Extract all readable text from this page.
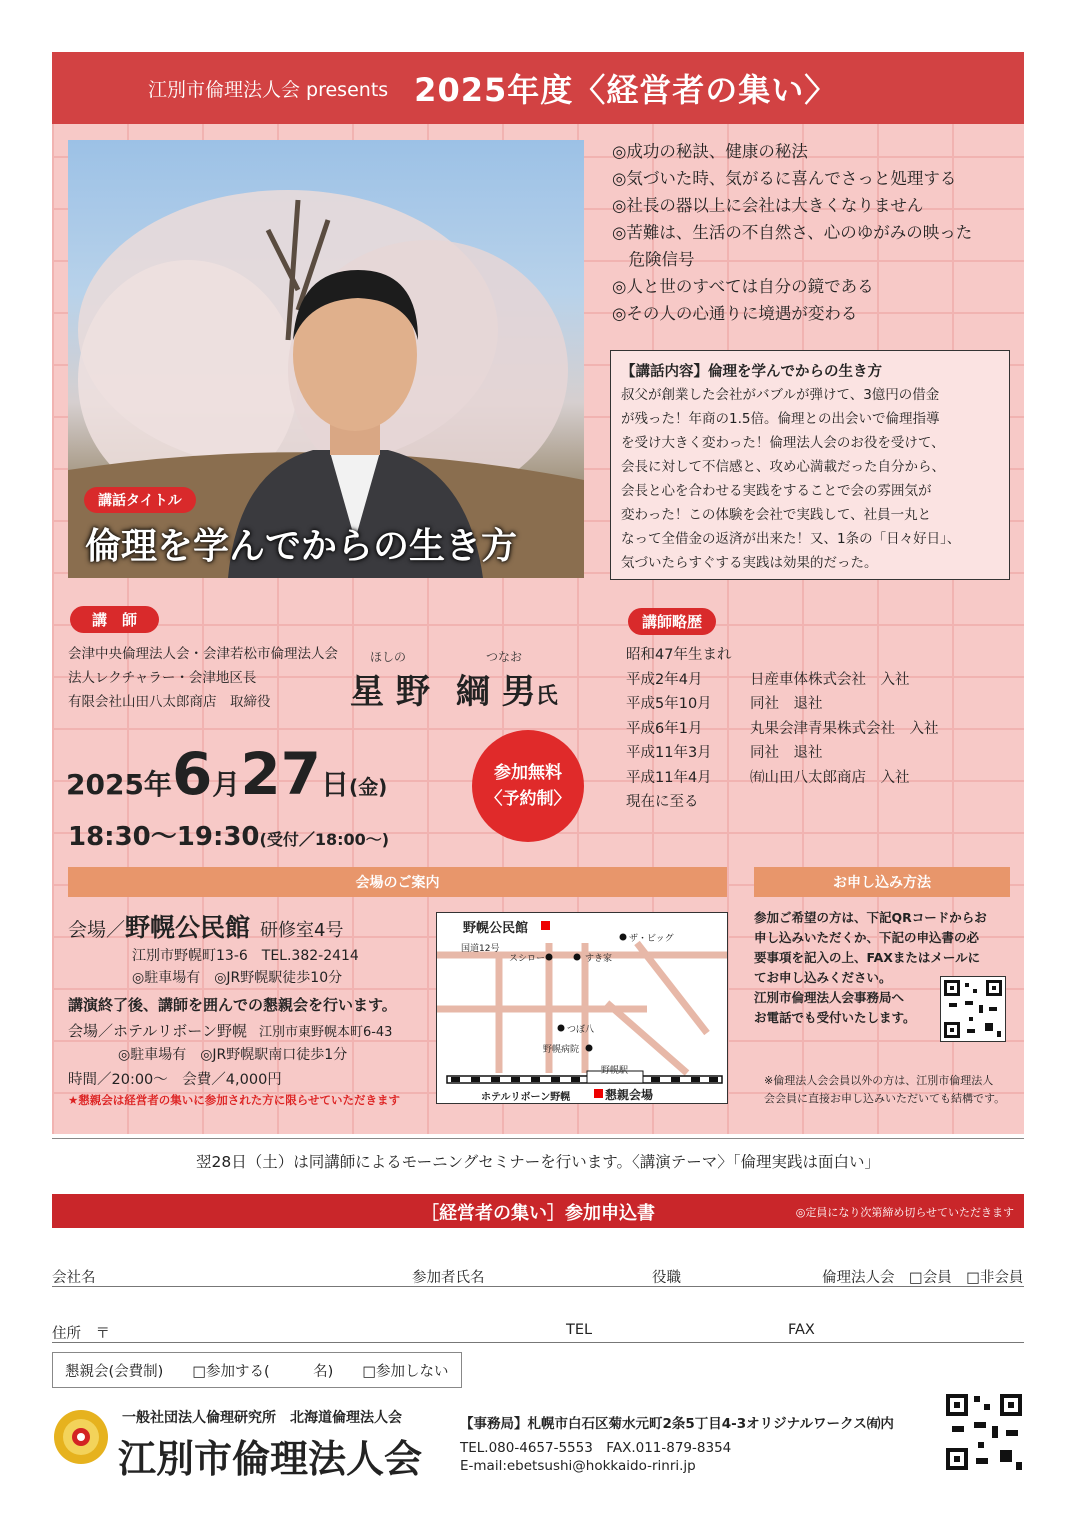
江別市倫理法人会 presents 2025年度〈経営者の集い〉
講話タイトル
倫理を学んでからの生き方
◎成功の秘訣、健康の秘法
◎気づいた時、気がるに喜んでさっと処理する
◎社長の器以上に会社は大きくなりません
◎苦難は、生活の不自然さ、心のゆがみの映った
　危険信号
◎人と世のすべては自分の鏡である
◎その人の心通りに境遇が変わる
【講話内容】倫理を学んでからの生き方
叔父が創業した会社がバブルが弾けて、3億円の借金
が残った！年商の1.5倍。倫理との出会いで倫理指導
を受け大きく変わった！倫理法人会のお役を受けて、
会長に対して不信感と、攻め心満載だった自分から、
会長と心を合わせる実践をすることで会の雰囲気が
変わった！この体験を会社で実践して、社員一丸と
なって全借金の返済が出来た！又、1条の「日々好日」、
気づいたらすぐする実践は効果的だった。
講　師
会津中央倫理法人会・会津若松市倫理法人会
法人レクチャラー・会津地区長
有限会社山田八太郎商店　取締役
ほしの	つなお
星 野 綱 男氏
講師略歴
昭和47年生まれ
平成2年4月	日産車体株式会社　入社
平成5年10月	同社　退社
平成6年1月	丸果会津青果株式会社　入社
平成11年3月	同社　退社
平成11年4月	㈲山田八太郎商店　入社
現在に至る
2025年6月27日(金)
18:30〜19:30(受付／18:00〜)
参加無料
〈予約制〉
会場のご案内	お申し込み方法
会場／野幌公民館 研修室4号
江別市野幌町13-6　TEL.382-2414
◎駐車場有　◎JR野幌駅徒歩10分
講演終了後、講師を囲んでの懇親会を行います。
会場／ホテルリボーン野幌 江別市東野幌本町6-43
◎駐車場有　◎JR野幌駅南口徒歩1分
時間／20:00〜　会費／4,000円
★懇親会は経営者の集いに参加された方に限らせていただきます
野幌公民館
国道12号
スシロー	すき家
ザ・ビッグ
つぼ八
野幌病院
野幌駅
ホテルリボーン野幌	懇親会場
参加ご希望の方は、下記QRコードからお
申し込みいただくか、下記の申込書の必
要事項を記入の上、FAXまたはメールに
てお申し込みください。
江別市倫理法人会事務局へ
お電話でも受付いたします。
※倫理法人会会員以外の方は、江別市倫理法人
会会員に直接お申し込みいただいても結構です。
翌28日（土）は同講師によるモーニングセミナーを行います。〈講演テーマ〉「倫理実践は面白い」
［経営者の集い］参加申込書	◎定員になり次第締め切らせていただきます
会社名	参加者氏名	役職	倫理法人会　□会員　□非会員
住所　〒	TEL	FAX
懇親会(会費制)　　□参加する(　　　名)　　□参加しない
一般社団法人倫理研究所　北海道倫理法人会
江別市倫理法人会
【事務局】札幌市白石区菊水元町2条5丁目4-3オリジナルワークス㈲内
TEL.080-4657-5553　FAX.011-879-8354
E-mail:ebetsushi@hokkaido-rinri.jp
